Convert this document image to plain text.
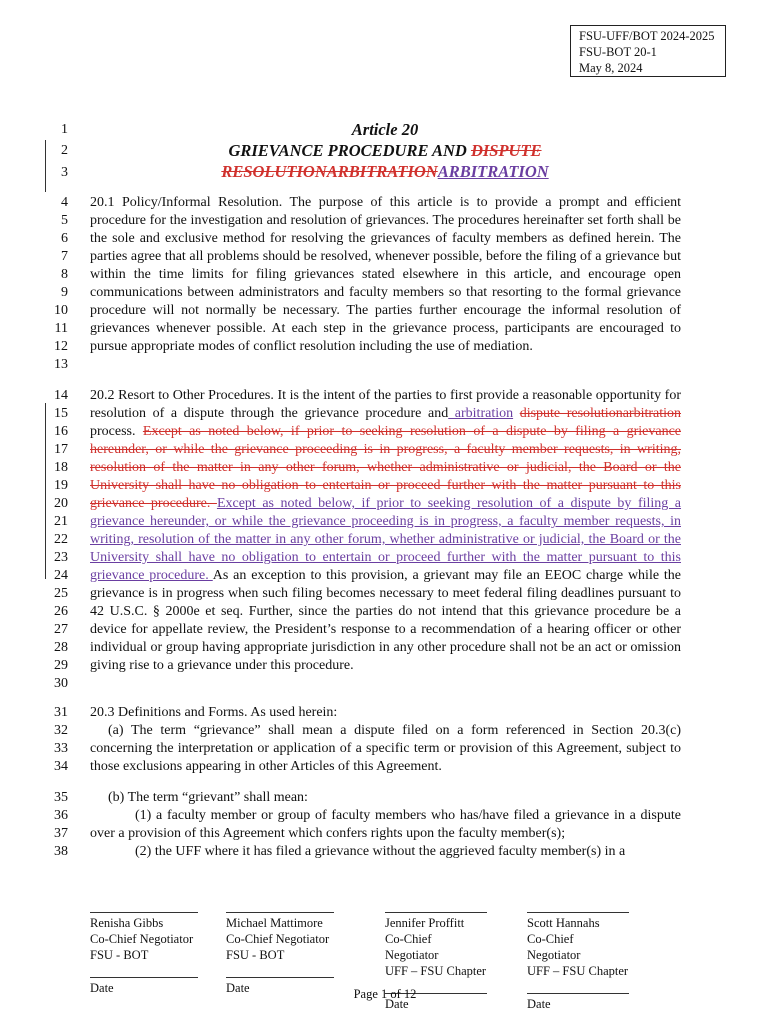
FSU-UFF/BOT 2024-2025
FSU-BOT 20-1
May 8, 2024
1
2
3
Article 20
GRIEVANCE PROCEDURE AND DISPUTE
RESOLUTIONARBITRATIONARBITRATION
4
5
6
7
8
9
10
11
12
13

20.1 Policy/Informal Resolution. The purpose of this article is to provide a prompt and efficient procedure for the investigation and resolution of grievances. The procedures hereinafter set forth shall be the sole and exclusive method for resolving the grievances of faculty members as defined herein. The parties agree that all problems should be resolved, whenever possible, before the filing of a grievance but within the time limits for filing grievances stated elsewhere in this article, and encourage open communications between administrators and faculty members so that resorting to the formal grievance procedure will not normally be necessary. The parties further encourage the informal resolution of grievances whenever possible. At each step in the grievance process, participants are encouraged to pursue appropriate modes of conflict resolution including the use of mediation.

14
15
16
17
18
19
20
21
22
23
24
25
26
27
28
29
30

20.2 Resort to Other Procedures. It is the intent of the parties to first provide a reasonable opportunity for resolution of a dispute through the grievance procedure and arbitration dispute resolutionarbitration process. Except as noted below, if prior to seeking resolution of a dispute by filing a grievance hereunder, or while the grievance proceeding is in progress, a faculty member requests, in writing, resolution of the matter in any other forum, whether administrative or judicial, the Board or the University shall have no obligation to entertain or proceed further with the matter pursuant to this grievance procedure. Except as noted below, if prior to seeking resolution of a dispute by filing a grievance hereunder, or while the grievance proceeding is in progress, a faculty member requests, in writing, resolution of the matter in any other forum, whether administrative or judicial, the Board or the University shall have no obligation to entertain or proceed further with the matter pursuant to this grievance procedure. As an exception to this provision, a grievant may file an EEOC charge while the grievance is in progress when such filing becomes necessary to meet federal filing deadlines pursuant to 42 U.S.C. § 2000e et seq. Further, since the parties do not intend that this grievance procedure be a device for appellate review, the President’s response to a recommendation of a hearing officer or other individual or group having appropriate jurisdiction in any other procedure shall not be an act or omission giving rise to a grievance under this procedure.

31
32
33
34

20.3 Definitions and Forms. As used herein:

(a) The term “grievance” shall mean a dispute filed on a form referenced in Section 20.3(c) concerning the interpretation or application of a specific term or provision of this Agreement, subject to those exclusions appearing in other Articles of this Agreement.

35
36
37
38

(b) The term “grievant” shall mean:

(1) a faculty member or group of faculty members who has/have filed a grievance in a dispute over a provision of this Agreement which confers rights upon the faculty member(s);

(2) the UFF where it has filed a grievance without the aggrieved faculty member(s) in a

Renisha Gibbs
Co-Chief Negotiator
FSU - BOT
Date
Michael Mattimore
Co-Chief Negotiator
FSU - BOT
Date
Jennifer Proffitt
Co-Chief Negotiator
UFF – FSU Chapter
Date
Scott Hannahs
Co-Chief Negotiator
UFF – FSU Chapter
Date
Page 1 of 12
